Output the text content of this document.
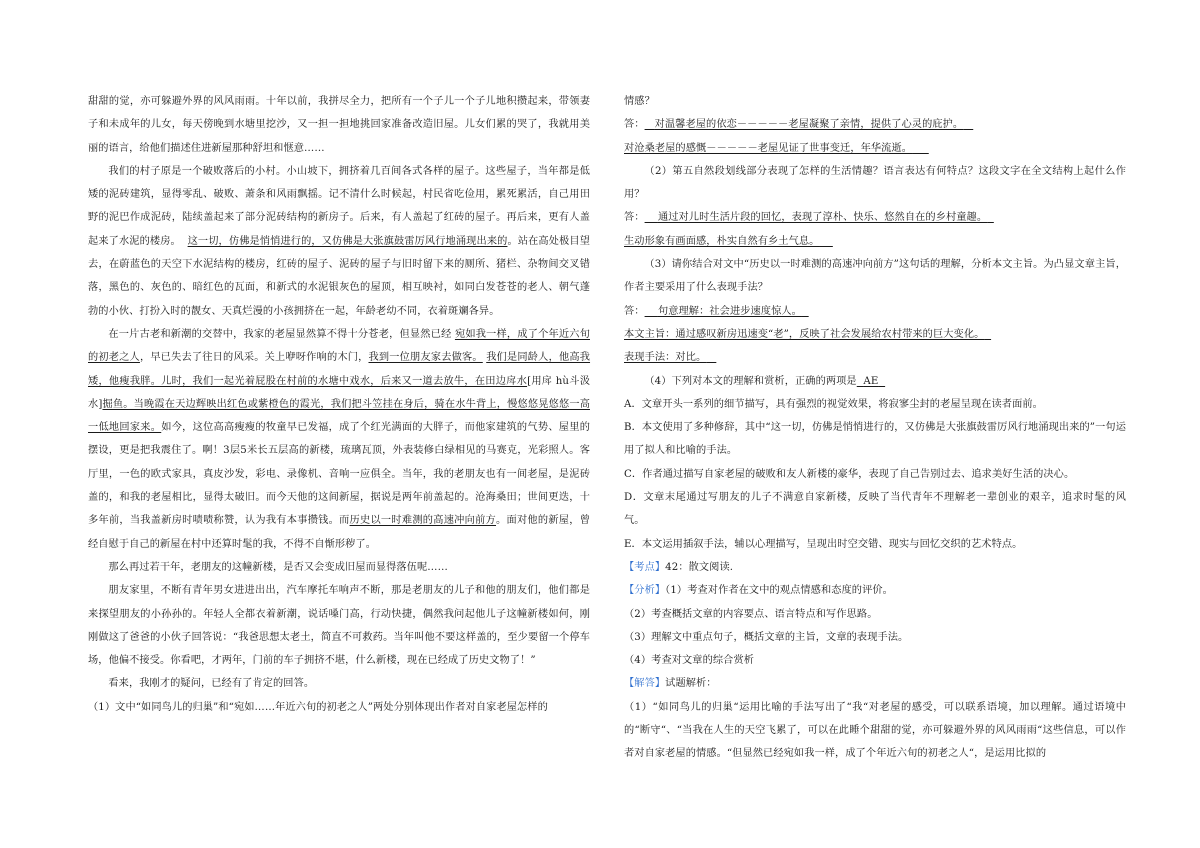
甜甜的觉，亦可躲避外界的风风雨雨。十年以前，我拼尽全力，把所有一个子儿一个子儿地积攒起来，带领妻子和未成年的儿女，每天傍晚到水塘里挖沙，又一担一担地挑回家准备改造旧屋。儿女们累的哭了，我就用美丽的语言，给他们描述住进新屋那种舒坦和惬意……

我们的村子原是一个破败落后的小村。小山坡下，拥挤着几百间各式各样的屋子。这些屋子，当年都是低矮的泥砖建筑，显得零乱、破败、萧条和风雨飘摇。记不清什么时候起，村民省吃俭用，累死累活，自己用田野的泥巴作成泥砖，陆续盖起来了部分泥砖结构的新房子。后来，有人盖起了红砖的屋子。再后来，更有人盖起来了水泥的楼房。 这一切，仿佛是悄悄进行的，又仿佛是大张旗鼓雷厉风行地涌现出来的。站在高处极目望去，在蔚蓝色的天空下水泥结构的楼房，红砖的屋子、泥砖的屋子与旧时留下来的厕所、猪栏、杂物间交叉错落，黑色的、灰色的、暗红色的瓦面，和新式的水泥银灰色的屋顶，相互映衬，如同白发苍苍的老人、朝气蓬勃的小伙、打扮入时的靓女、天真烂漫的小孩拥挤在一起，年龄老幼不同，衣着斑斓各异。

在一片古老和新潮的交替中，我家的老屋显然算不得十分苍老，但显然已经 宛如我一样，成了个年近六旬的初老之人，早已失去了往日的风采。关上咿呀作响的木门，我到一位朋友家去做客。 我们是同龄人，他高我矮，他瘦我胖。儿时，我们一起光着屁股在村前的水塘中戏水，后来又一道去放牛，在田边戽水[用戽 hù斗汲水]掘鱼。当晚霞在天边辉映出红色或紫橙色的霞光，我们把斗笠挂在身后，骑在水牛背上，慢悠悠晃悠悠一高一低地回家来。如今，这位高高瘦瘦的牧童早已发福，成了个红光满面的大胖子，而他家建筑的气势、屋里的摆设，更是把我震住了。啊！3层5米长五层高的新楼，琉璃瓦顶，外表装修白绿相见的马赛克，光彩照人。客厅里，一色的欧式家具，真皮沙发，彩电、录像机、音响一应俱全。当年，我的老朋友也有一间老屋，是泥砖盖的，和我的老屋相比，显得太破旧。而今天他的这间新屋，据说是两年前盖起的。沧海桑田；世间更迭，十多年前，当我盖新房时啧啧称赞，认为我有本事攒钱。而历史以一时难测的高速冲向前方。面对他的新屋，曾经自慰于自己的新屋在村中还算时髦的我，不得不自惭形秽了。

那么再过若干年，老朋友的这幢新楼，是否又会变成旧屋而显得落伍呢……

朋友家里，不断有青年男女进进出出，汽车摩托车响声不断，那是老朋友的儿子和他的朋友们，他们都是来探望朋友的小孙孙的。年轻人全都衣着新潮，说话嗓门高，行动快捷，偶然我问起他儿子这幢新楼如何，刚刚做这了爸爸的小伙子回答说：“我爸思想太老土，简直不可救药。当年叫他不要这样盖的，至少要留一个停车场，他偏不接受。你看吧，才两年，门前的车子拥挤不堪，什么新楼，现在已经成了历史文物了！”

看来，我刚才的疑问，已经有了肯定的回答。

（1）文中“如同鸟儿的归巢”和“宛如……年近六旬的初老之人”两处分别体现出作者对自家老屋怎样的

情感？

答： 对温馨老屋的依恋－－－－－老屋凝聚了亲情，提供了心灵的庇护。

对沧桑老屋的感慨－－－－－老屋见证了世事变迁，年华流逝。

（2）第五自然段划线部分表现了怎样的生活情趣？语言表达有何特点？这段文字在全文结构上起什么作用？

答： 通过对儿时生活片段的回忆，表现了淳朴、快乐、悠然自在的乡村童趣。

生动形象有画面感，朴实自然有乡土气息。

（3）请你结合对文中“历史以一时难测的高速冲向前方”这句话的理解，分析本文主旨。为凸显文章主旨，作者主要采用了什么表现手法？

答： 句意理解：社会进步速度惊人。

本文主旨：通过感叹新房迅速变“老”，反映了社会发展给农村带来的巨大变化。

表现手法：对比。

（4）下列对本文的理解和赏析，正确的两项是 AE

A．文章开头一系列的细节描写，具有强烈的视觉效果，将寂寥尘封的老屋呈现在读者面前。

B．本文使用了多种修辞，其中“这一切，仿佛是悄悄进行的，又仿佛是大张旗鼓雷厉风行地涌现出来的”一句运用了拟人和比喻的手法。

C．作者通过描写自家老屋的破败和友人新楼的豪华，表现了自己告别过去、追求美好生活的决心。

D．文章末尾通过写朋友的儿子不满意自家新楼，反映了当代青年不理解老一辈创业的艰辛，追求时髦的风气。

E．本文运用插叙手法，辅以心理描写，呈现出时空交错、现实与回忆交织的艺术特点。

【考点】42：散文阅读.

【分析】（1）考查对作者在文中的观点情感和态度的评价。

（2）考查概括文章的内容要点、语言特点和写作思路。

（3）理解文中重点句子，概括文章的主旨，文章的表现手法。

（4）考查对文章的综合赏析

【解答】试题解析：

（1）“如同鸟儿的归巢“运用比喻的手法写出了“我“对老屋的感受，可以联系语境，加以理解。通过语境中的“断守“、“当我在人生的天空飞累了，可以在此睡个甜甜的觉，亦可躲避外界的风风雨雨“这些信息，可以作者对自家老屋的情感。“但显然已经宛如我一样，成了个年近六旬的初老之人“，是运用比拟的
